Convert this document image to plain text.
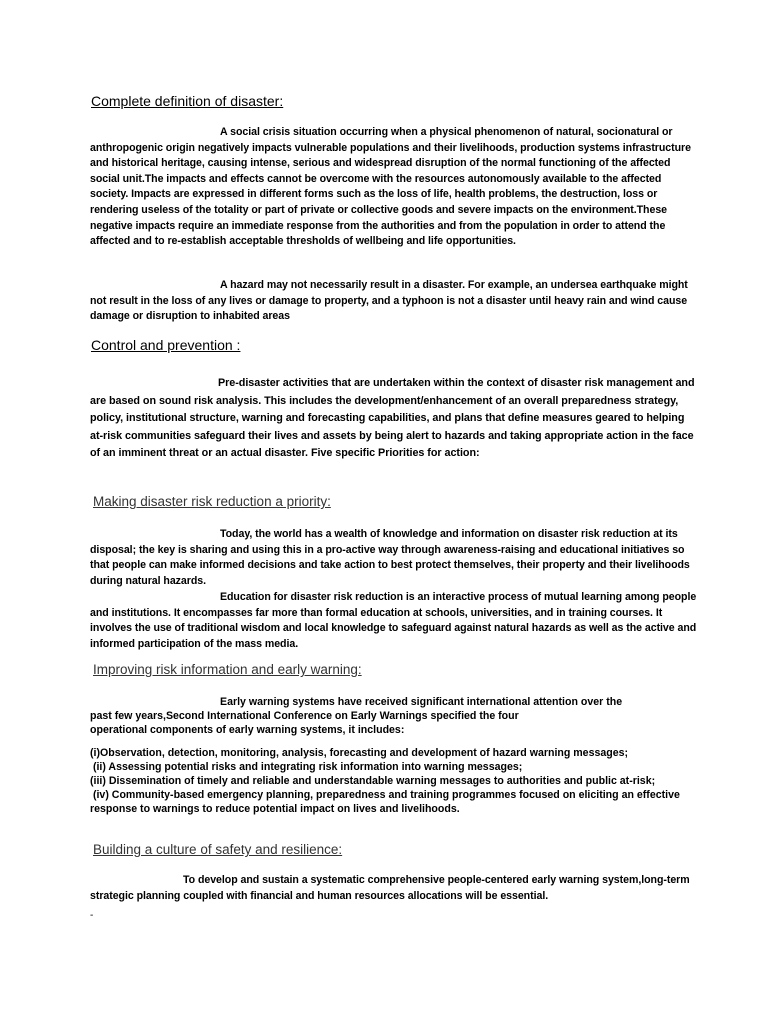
Complete definition of disaster:
A social crisis situation occurring when a physical phenomenon of natural, socionatural or anthropogenic origin negatively impacts vulnerable populations and their livelihoods, production systems infrastructure and historical heritage, causing intense, serious and widespread disruption of the normal functioning of the affected social unit.The impacts and effects cannot be overcome with the resources autonomously available to the affected society. Impacts are expressed in different forms such as the loss of life, health problems, the destruction, loss or rendering useless of the totality or part of private or collective goods and severe impacts on the environment.These negative impacts require an immediate response from the authorities and from the population in order to attend the affected and to re-establish acceptable thresholds of wellbeing and life opportunities.
A hazard may not necessarily result in a disaster. For example, an undersea earthquake might not result in the loss of any lives or damage to property, and a typhoon is not a disaster until heavy rain and wind cause damage or disruption to inhabited areas
Control and prevention :
Pre-disaster activities that are undertaken within the context of disaster risk management and are based on sound risk analysis. This includes the development/enhancement of an overall preparedness strategy, policy, institutional structure, warning and forecasting capabilities, and plans that define measures geared to helping at-risk communities safeguard their lives and assets by being alert to hazards and taking appropriate action in the face of an imminent threat or an actual disaster. Five specific Priorities for action:
Making disaster risk reduction a priority:
Today, the world has a wealth of knowledge and information on disaster risk reduction at its disposal; the key is sharing and using this in a pro-active way through awareness-raising and educational initiatives so that people can make informed decisions and take action to best protect themselves, their property and their livelihoods during natural hazards.
Education for disaster risk reduction is an interactive process of mutual learning among people and institutions. It encompasses far more than formal education at schools, universities, and in training courses. It involves the use of traditional wisdom and local knowledge to safeguard against natural hazards as well as the active and informed participation of the mass media.
Improving risk information and early warning:
Early warning systems have received significant international attention over the
past few years,Second International Conference on Early Warnings specified the four
operational components of early warning systems, it includes:
(i)Observation, detection, monitoring, analysis, forecasting and development of hazard warning messages;
(ii) Assessing potential risks and integrating risk information into warning messages;
(iii) Dissemination of timely and reliable and understandable warning messages to authorities and public at-risk;
(iv) Community-based emergency planning, preparedness and training programmes focused on eliciting an effective response to warnings to reduce potential impact on lives and livelihoods.
Building a culture of safety and resilience:
To develop and sustain a systematic comprehensive people-centered early warning system,long-term strategic planning coupled with financial and human resources allocations will be essential.
-
